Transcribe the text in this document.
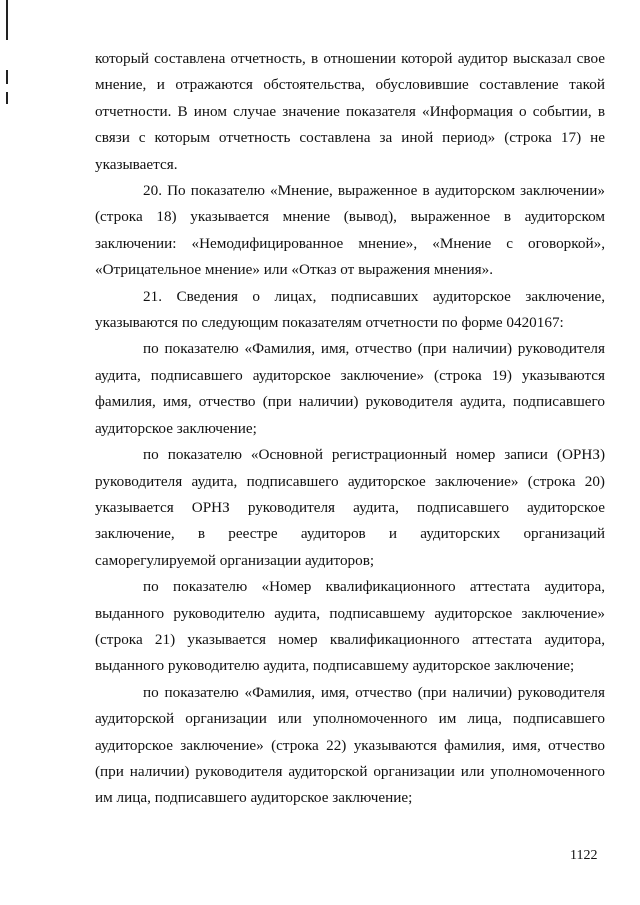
который составлена отчетность, в отношении которой аудитор высказал свое мнение, и отражаются обстоятельства, обусловившие составление такой отчетности. В ином случае значение показателя «Информация о событии, в связи с которым отчетность составлена за иной период» (строка 17) не указывается.

20. По показателю «Мнение, выраженное в аудиторском заключении» (строка 18) указывается мнение (вывод), выраженное в аудиторском заключении: «Немодифицированное мнение», «Мнение с оговоркой», «Отрицательное мнение» или «Отказ от выражения мнения».

21. Сведения о лицах, подписавших аудиторское заключение, указываются по следующим показателям отчетности по форме 0420167:

по показателю «Фамилия, имя, отчество (при наличии) руководителя аудита, подписавшего аудиторское заключение» (строка 19) указываются фамилия, имя, отчество (при наличии) руководителя аудита, подписавшего аудиторское заключение;

по показателю «Основной регистрационный номер записи (ОРНЗ) руководителя аудита, подписавшего аудиторское заключение» (строка 20) указывается ОРНЗ руководителя аудита, подписавшего аудиторское заключение, в реестре аудиторов и аудиторских организаций саморегулируемой организации аудиторов;

по показателю «Номер квалификационного аттестата аудитора, выданного руководителю аудита, подписавшему аудиторское заключение» (строка 21) указывается номер квалификационного аттестата аудитора, выданного руководителю аудита, подписавшему аудиторское заключение;

по показателю «Фамилия, имя, отчество (при наличии) руководителя аудиторской организации или уполномоченного им лица, подписавшего аудиторское заключение» (строка 22) указываются фамилия, имя, отчество (при наличии) руководителя аудиторской организации или уполномоченного им лица, подписавшего аудиторское заключение;

1122
